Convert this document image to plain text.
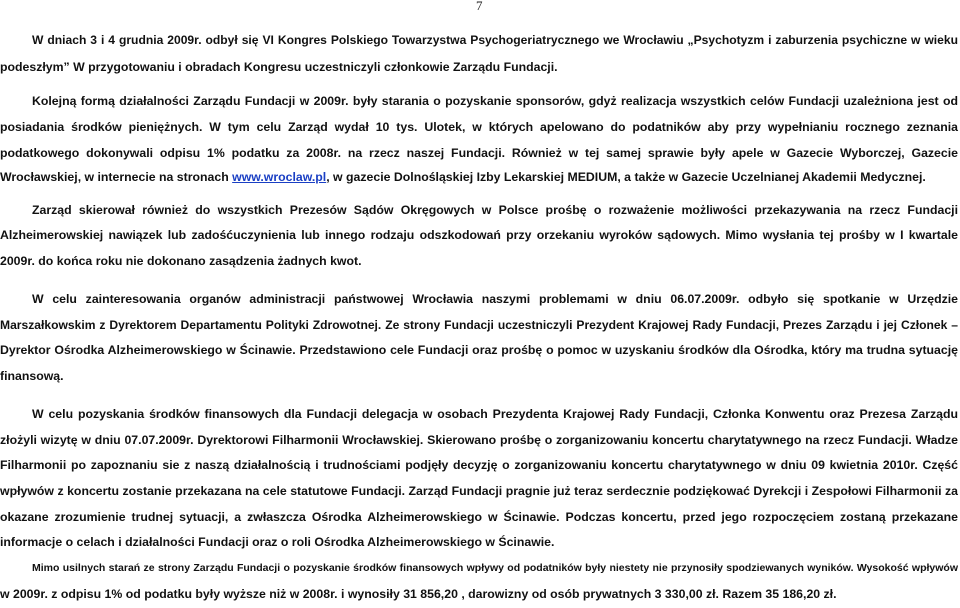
7
W dniach 3 i 4 grudnia 2009r. odbył się VI Kongres Polskiego Towarzystwa Psychogeriatrycznego we Wrocławiu „Psychotyzm i zaburzenia psychiczne w wieku
podeszłym” W przygotowaniu i obradach Kongresu uczestniczyli członkowie Zarządu Fundacji.
Kolejną formą działalności Zarządu Fundacji w 2009r. były starania o pozyskanie sponsorów, gdyż realizacja wszystkich celów Fundacji uzależniona jest od
posiadania środków pieniężnych. W tym celu Zarząd wydał 10 tys. Ulotek, w których apelowano do podatników aby przy wypełnianiu rocznego zeznania
podatkowego dokonywali odpisu 1% podatku za 2008r. na rzecz naszej Fundacji. Również w tej samej sprawie były apele w Gazecie Wyborczej, Gazecie
Wrocławskiej, w internecie na stronach www.wroclaw.pl, w gazecie Dolnośląskiej Izby Lekarskiej MEDIUM, a także w Gazecie Uczelnianej Akademii Medycznej.
Zarząd skierował również do wszystkich Prezesów Sądów Okręgowych w Polsce prośbę o rozważenie możliwości przekazywania na rzecz Fundacji
Alzheimerowskiej nawiązek lub zadośćuczynienia lub innego rodzaju odszkodowań przy orzekaniu wyroków sądowych. Mimo wysłania tej prośby w I kwartale
2009r. do końca roku nie dokonano zasądzenia żadnych kwot.
W celu zainteresowania organów administracji państwowej Wrocławia naszymi problemami w dniu 06.07.2009r. odbyło się spotkanie w Urzędzie
Marszałkowskim z Dyrektorem Departamentu Polityki Zdrowotnej. Ze strony Fundacji uczestniczyli Prezydent Krajowej Rady Fundacji, Prezes Zarządu i jej Członek –
Dyrektor Ośrodka Alzheimerowskiego w Ścinawie. Przedstawiono cele Fundacji oraz prośbę o pomoc w uzyskaniu środków dla Ośrodka, który ma trudna sytuację
finansową.
W celu pozyskania środków finansowych dla Fundacji delegacja w osobach Prezydenta Krajowej Rady Fundacji, Członka Konwentu oraz Prezesa Zarządu
złożyli wizytę w dniu 07.07.2009r. Dyrektorowi Filharmonii Wrocławskiej. Skierowano prośbę o zorganizowaniu koncertu charytatywnego na rzecz Fundacji. Władze
Filharmonii po zapoznaniu sie z naszą działalnością i trudnościami podjęły decyzję o zorganizowaniu koncertu charytatywnego w dniu 09 kwietnia 2010r. Część
wpływów z koncertu zostanie przekazana na cele statutowe Fundacji. Zarząd Fundacji pragnie już teraz serdecznie podziękować Dyrekcji i Zespołowi Filharmonii za
okazane zrozumienie trudnej sytuacji, a zwłaszcza Ośrodka Alzheimerowskiego w Ścinawie. Podczas koncertu, przed jego rozpoczęciem zostaną przekazane
informacje o celach i działalności Fundacji oraz o roli Ośrodka Alzheimerowskiego w Ścinawie.
Mimo usilnych starań ze strony Zarządu Fundacji o pozyskanie środków finansowych wpływy od podatników były niestety nie przynosiły spodziewanych wyników. Wysokość wpływów
w 2009r. z odpisu 1% od podatku były wyższe niż w 2008r. i wynosiły 31 856,20 , darowizny od osób prywatnych 3 330,00 zł. Razem 35 186,20 zł.
